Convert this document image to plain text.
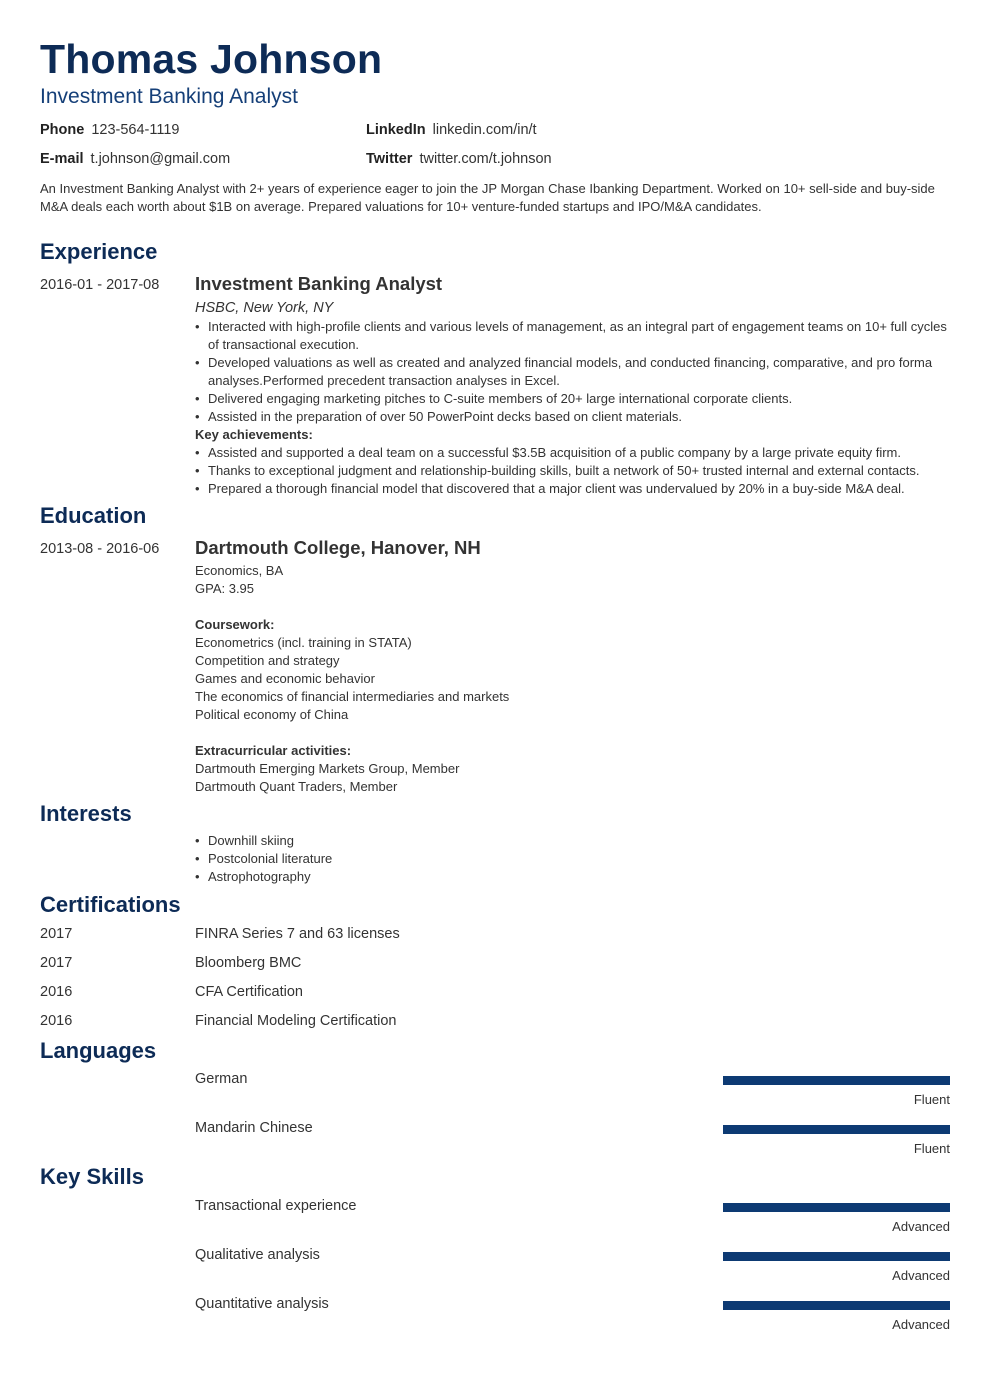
Thomas Johnson
Investment Banking Analyst
Phone 123-564-1119	LinkedIn linkedin.com/in/t
E-mail t.johnson@gmail.com	Twitter twitter.com/t.johnson
An Investment Banking Analyst with 2+ years of experience eager to join the JP Morgan Chase Ibanking Department. Worked on 10+ sell-side and buy-side M&A deals each worth about $1B on average. Prepared valuations for 10+ venture-funded startups and IPO/M&A candidates.
Experience
2016-01 - 2017-08 Investment Banking Analyst
HSBC, New York, NY
• Interacted with high-profile clients and various levels of management, as an integral part of engagement teams on 10+ full cycles of transactional execution.
• Developed valuations as well as created and analyzed financial models, and conducted financing, comparative, and pro forma analyses.Performed precedent transaction analyses in Excel.
• Delivered engaging marketing pitches to C-suite members of 20+ large international corporate clients.
• Assisted in the preparation of over 50 PowerPoint decks based on client materials.
Key achievements:
• Assisted and supported a deal team on a successful $3.5B acquisition of a public company by a large private equity firm.
• Thanks to exceptional judgment and relationship-building skills, built a network of 50+ trusted internal and external contacts.
• Prepared a thorough financial model that discovered that a major client was undervalued by 20% in a buy-side M&A deal.
Education
2013-08 - 2016-06 Dartmouth College, Hanover, NH
Economics, BA
GPA: 3.95
Coursework:
Econometrics (incl. training in STATA)
Competition and strategy
Games and economic behavior
The economics of financial intermediaries and markets
Political economy of China
Extracurricular activities:
Dartmouth Emerging Markets Group, Member
Dartmouth Quant Traders, Member
Interests
• Downhill skiing
• Postcolonial literature
• Astrophotography
Certifications
2017	FINRA Series 7 and 63 licenses
2017	Bloomberg BMC
2016	CFA Certification
2016	Financial Modeling Certification
Languages
German
Fluent
Mandarin Chinese
Fluent
Key Skills
Transactional experience
Advanced
Qualitative analysis
Advanced
Quantitative analysis
Advanced
